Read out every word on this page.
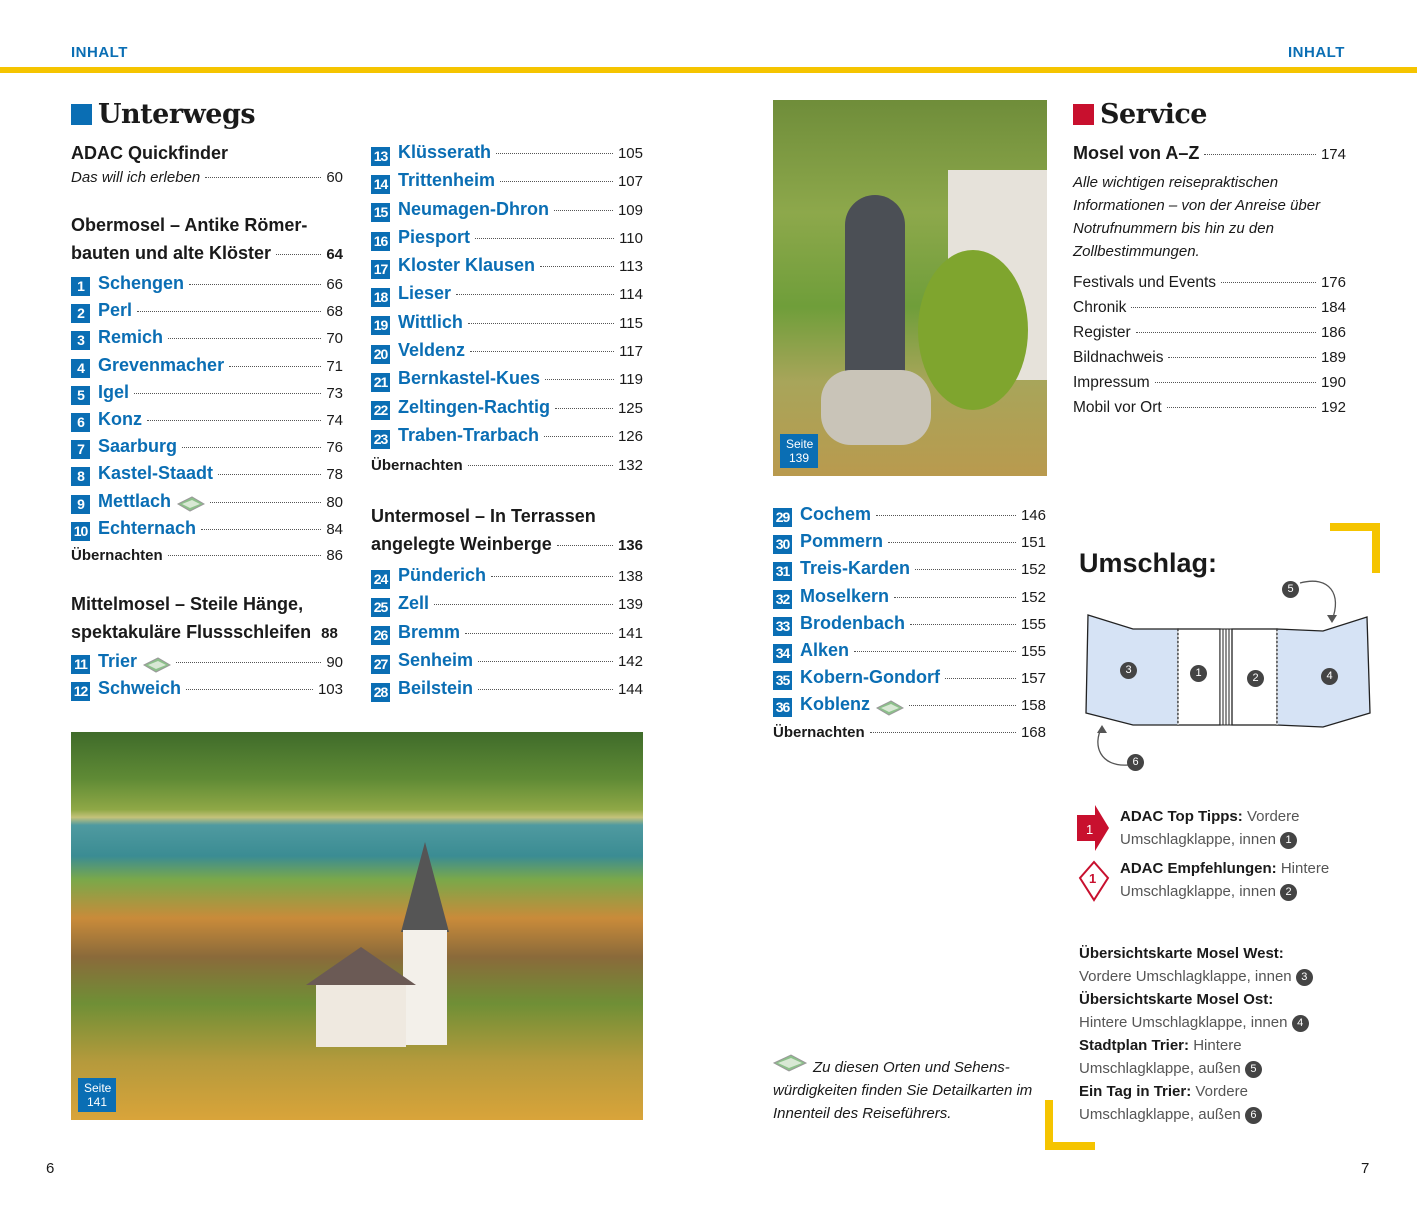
INHALT	INHALT
Unterwegs
ADAC Quickfinder
Das will ich erleben	60
Obermosel – Antike Römer-
bauten und alte Klöster	64
1 Schengen	66
2 Perl	68
3 Remich	70
4 Grevenmacher	71
5 Igel	73
6 Konz	74
7 Saarburg	76
8 Kastel-Staadt	78
9 Mettlach	80
10 Echternach	84
Übernachten	86
Mittelmosel – Steile Hänge,
spektakuläre Flussschleifen 88
11 Trier	90
12 Schweich	103
13 Klüsserath	105
14 Trittenheim	107
15 Neumagen-Dhron	109
16 Piesport	110
17 Kloster Klausen	113
18 Lieser	114
19 Wittlich	115
20 Veldenz	117
21 Bernkastel-Kues	119
22 Zeltingen-Rachtig	125
23 Traben-Trarbach	126
Übernachten	132
Untermosel – In Terrassen
angelegte Weinberge	136
24 Pünderich	138
25 Zell	139
26 Bremm	141
27 Senheim	142
28 Beilstein	144
Seite
141
Seite
139
29 Cochem	146
30 Pommern	151
31 Treis-Karden	152
32 Moselkern	152
33 Brodenbach	155
34 Alken	155
35 Kobern-Gondorf	157
36 Koblenz	158
Übernachten	168
Zu diesen Orten und Sehens-würdigkeiten finden Sie Detailkarten im Innenteil des Reiseführers.
Service
Mosel von A–Z	174
Alle wichtigen reisepraktischen Informationen – von der Anreise über Notrufnummern bis hin zu den Zollbestimmungen.
Festivals und Events	176
Chronik	184
Register	186
Bildnachweis	189
Impressum	190
Mobil vor Ort	192
Umschlag:
3	1	2	4
5
6
1
ADAC Top Tipps: Vordere Umschlagklappe, innen 1
1
ADAC Empfehlungen: Hintere Umschlagklappe, innen 2
Übersichtskarte Mosel West:
Vordere Umschlagklappe, innen 3
Übersichtskarte Mosel Ost:
Hintere Umschlagklappe, innen 4
Stadtplan Trier: Hintere Umschlagklappe, außen 5
Ein Tag in Trier: Vordere Umschlagklappe, außen 6
6	7
